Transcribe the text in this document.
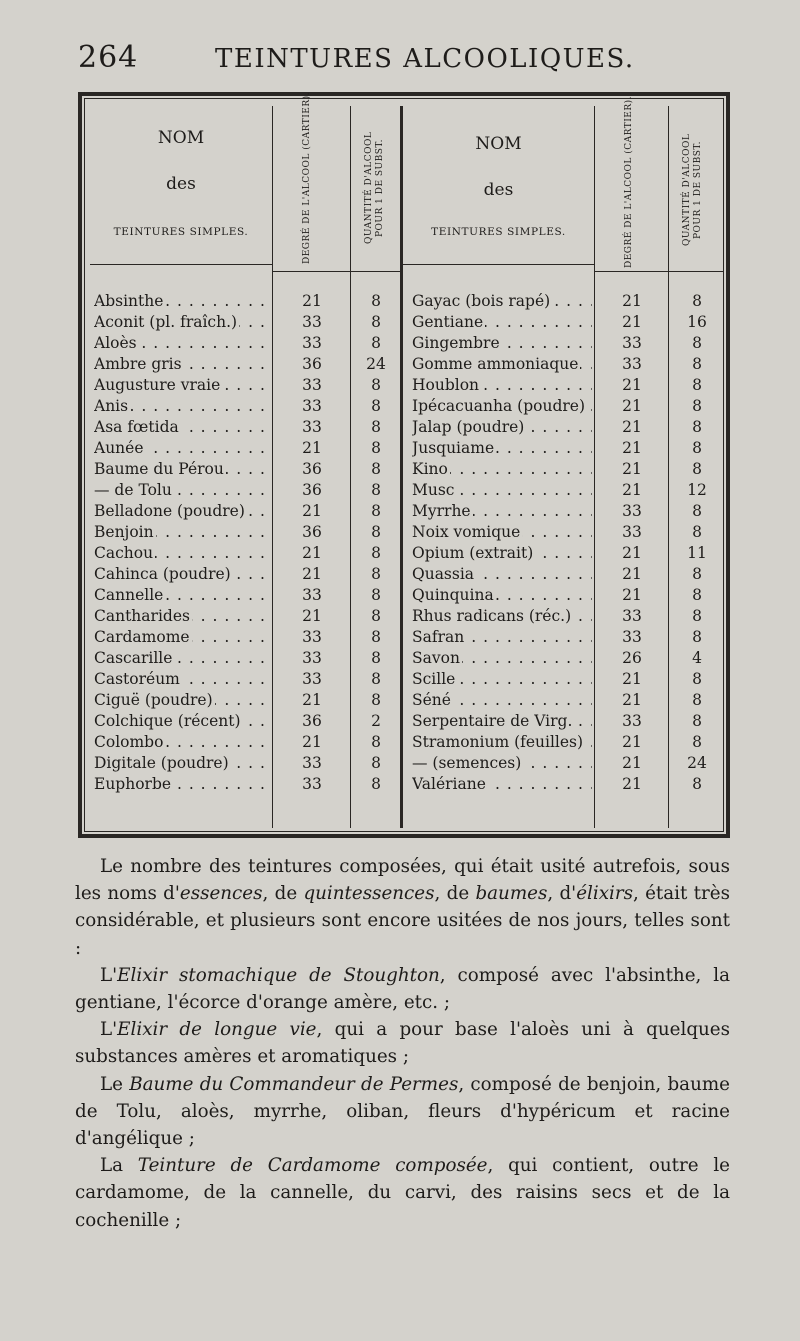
264	TEINTURES ALCOOLIQUES.
NOM
des
TEINTURES SIMPLES.	DEGRÉ DE L'ALCOOL (CARTIER).	QUANTITÉ D'ALCOOL POUR 1 DE SUBST.	NOM
des
TEINTURES SIMPLES.	DEGRÉ DE L'ALCOOL (CARTIER).	QUANTITÉ D'ALCOOL POUR 1 DE SUBST.
Absinthe . . .	21	8
Aconit (pl. fraîch.) . . .	33	8
Aloès . . .	33	8
Ambre gris . . .	36	24
Augusture vraie . . .	33	8
Anis . . .	33	8
Asa fœtida . . .	33	8
Aunée . . .	21	8
Baume du Pérou . . .	36	8
— de Tolu . . .	36	8
Belladone (poudre) . . .	21	8
Benjoin . . .	36	8
Cachou . . .	21	8
Cahinca (poudre) . . .	21	8
Cannelle . . .	33	8
Cantharides . . .	21	8
Cardamome . . .	33	8
Cascarille . . .	33	8
Castoréum . . .	33	8
Ciguë (poudre) . . .	21	8
Colchique (récent) . . .	36	2
Colombo . . .	21	8
Digitale (poudre) . . .	33	8
Euphorbe . . .	33	8
Gayac (bois rapé) . . .	21	8
Gentiane . . .	21	16
Gingembre . . .	33	8
Gomme ammoniaque . . .	33	8
Houblon . . .	21	8
Ipécacuanha (poudre) . . .	21	8
Jalap (poudre) . . .	21	8
Jusquiame . . .	21	8
Kino . . .	21	8
Musc . . .	21	12
Myrrhe . . .	33	8
Noix vomique . . .	33	8
Opium (extrait) . . .	21	11
Quassia . . .	21	8
Quinquina . . .	21	8
Rhus radicans (réc.) . . .	33	8
Safran . . .	33	8
Savon . . .	26	4
Scille . . .	21	8
Séné . . .	21	8
Serpentaire de Virg. . . .	33	8
Stramonium (feuilles) . . .	21	8
— (semences) . . .	21	24
Valériane . . .	21	8

Le nombre des teintures composées, qui était usité autrefois, sous les noms d'essences, de quintessences, de baumes, d'élixirs, était très considérable, et plusieurs sont encore usitées de nos jours, telles sont :

L'Elixir stomachique de Stoughton, composé avec l'absinthe, la gentiane, l'écorce d'orange amère, etc. ;

L'Elixir de longue vie, qui a pour base l'aloès uni à quelques substances amères et aromatiques ;

Le Baume du Commandeur de Permes, composé de benjoin, baume de Tolu, aloès, myrrhe, oliban, fleurs d'hypéricum et racine d'angélique ;

La Teinture de Cardamome composée, qui contient, outre le cardamome, de la cannelle, du carvi, des raisins secs et de la cochenille ;
